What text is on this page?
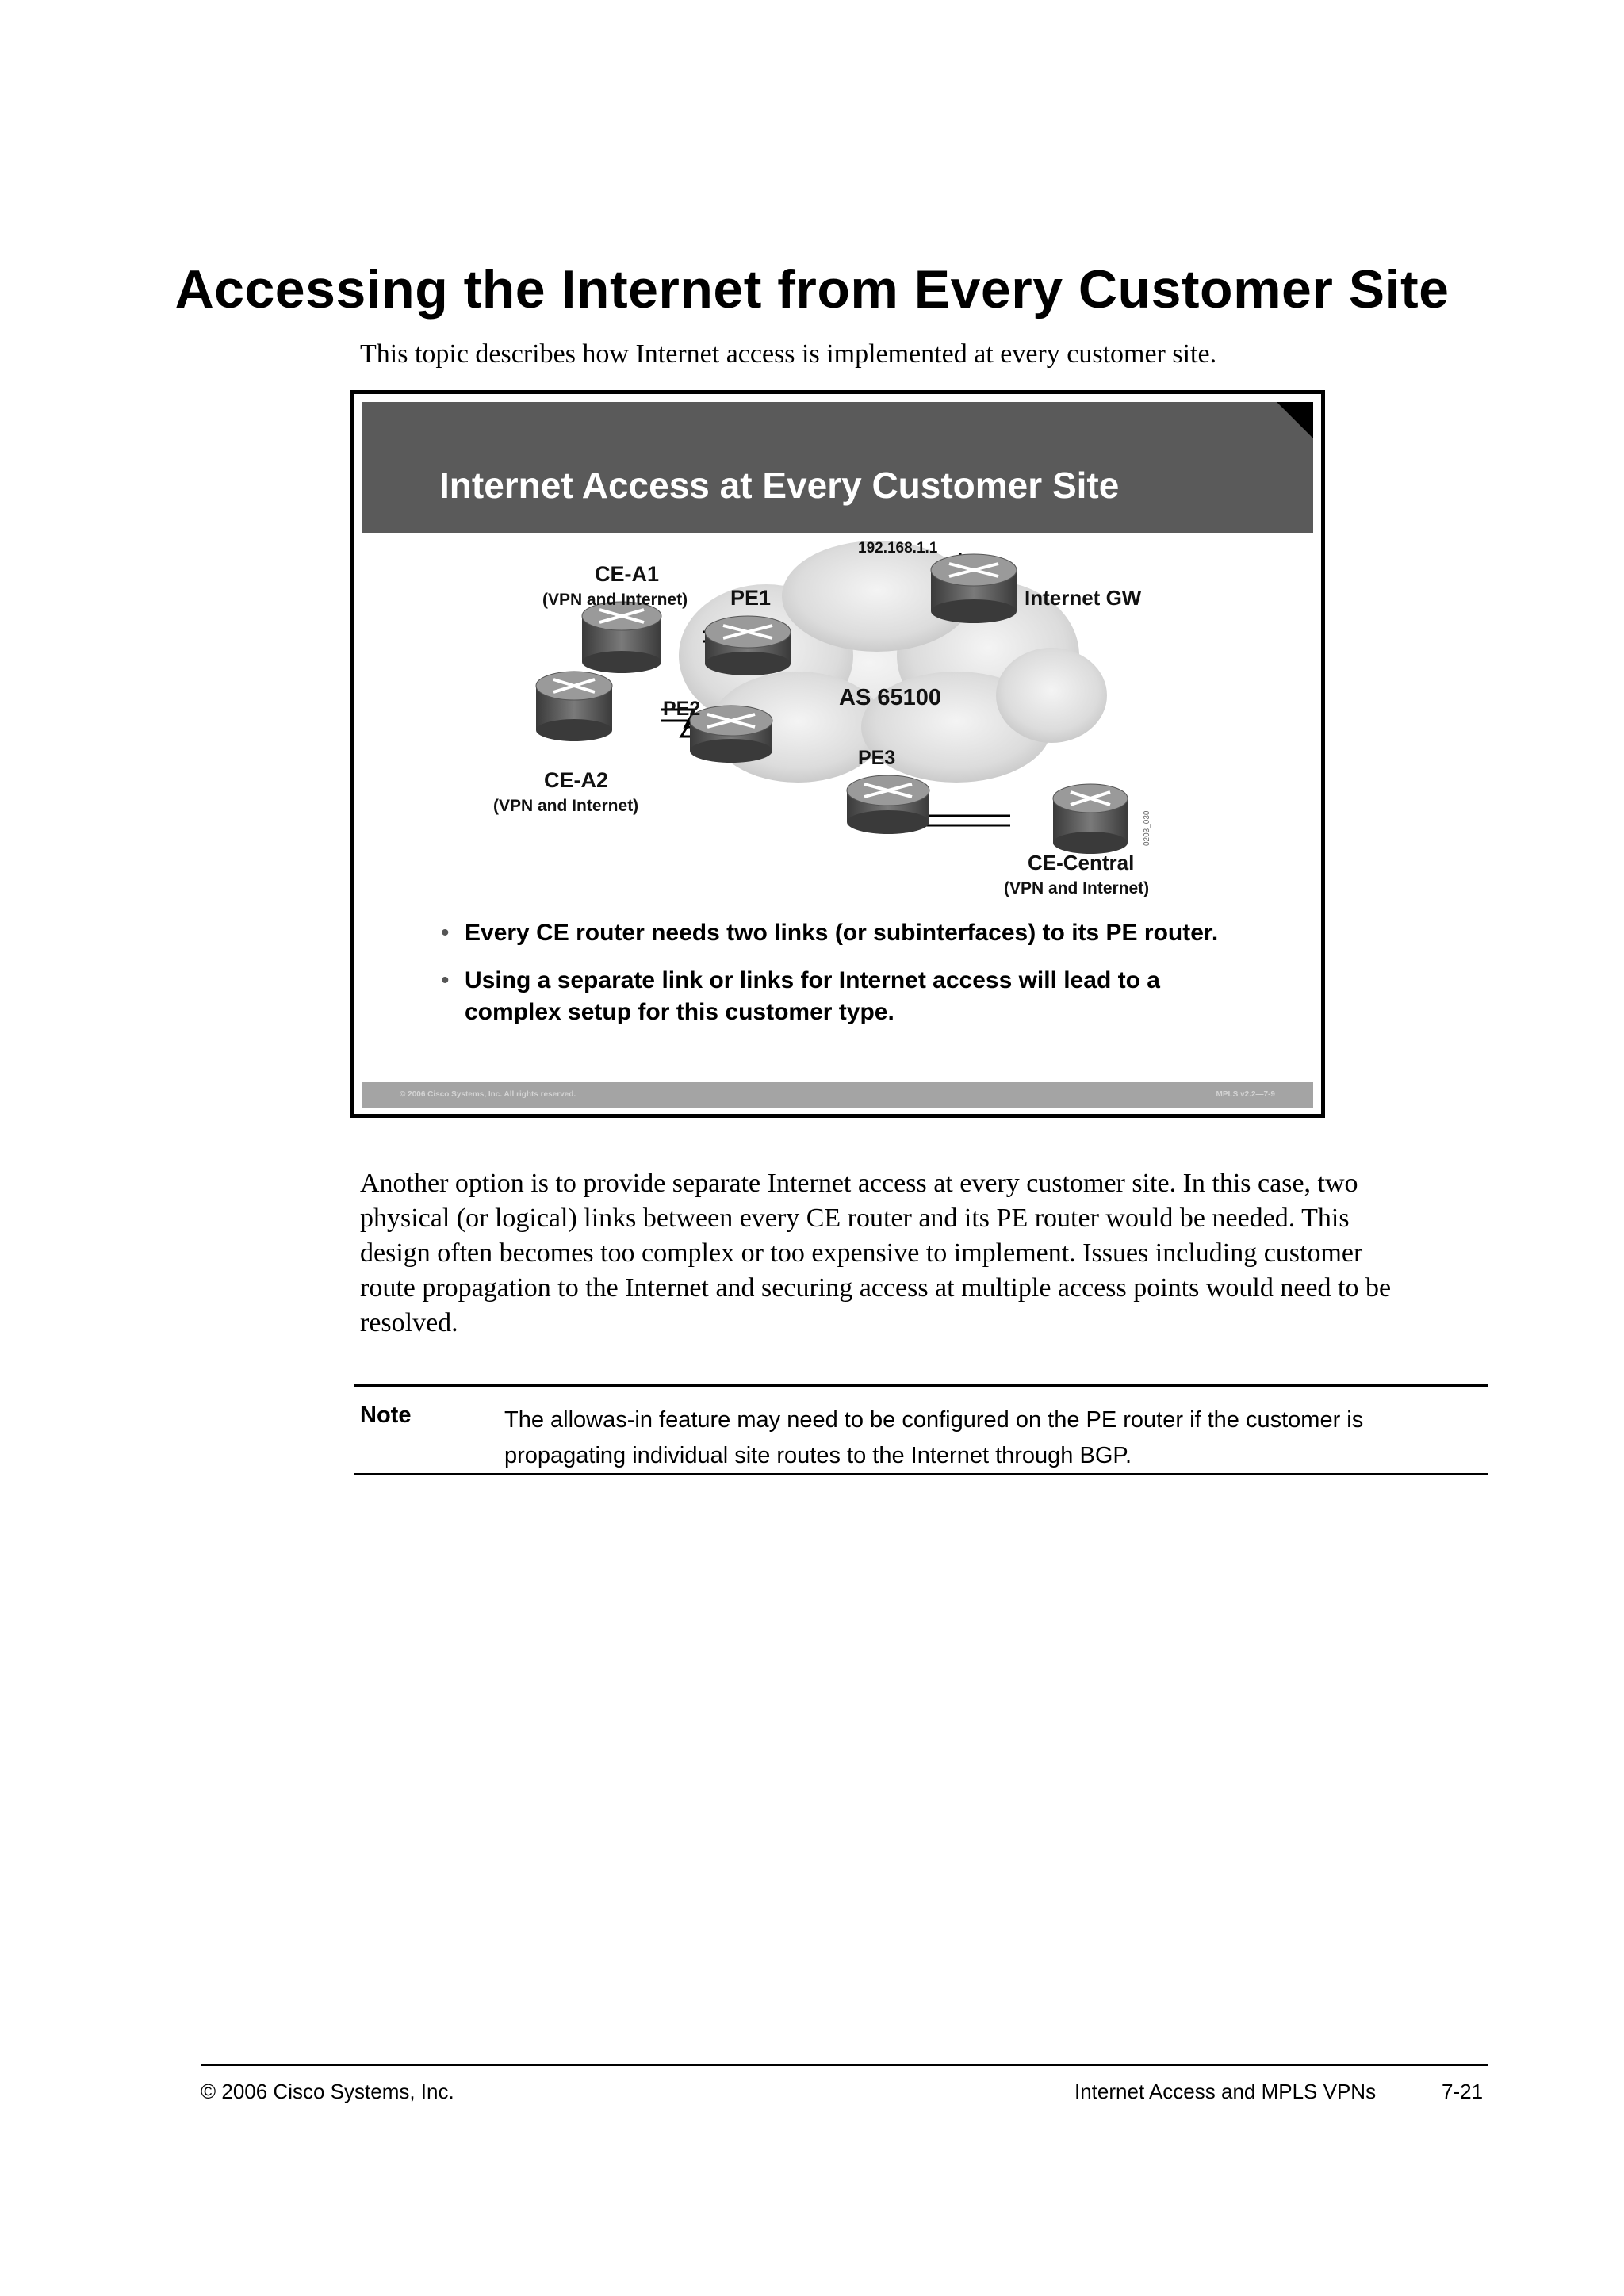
Accessing the Internet from Every Customer Site
This topic describes how Internet access is implemented at every customer site.
Internet Access at Every Customer Site
CE-A1
(VPN and Internet) PE1
192.168.1.1
Internet GW
AS 65100
PE2
PE3
CE-A2
(VPN and Internet)
CE-Central
(VPN and Internet)
0203_030
• Every CE router needs two links (or subinterfaces) to its PE router.
• Using a separate link or links for Internet access will lead to a complex setup for this customer type.
© 2006 Cisco Systems, Inc. All rights reserved.	MPLS v2.2—7-9
Another option is to provide separate Internet access at every customer site. In this case, two
physical (or logical) links between every CE router and its PE router would be needed. This
design often becomes too complex or too expensive to implement. Issues including customer
route propagation to the Internet and securing access at multiple access points would need to be
resolved.
Note	The allowas-in feature may need to be configured on the PE router if the customer is propagating individual site routes to the Internet through BGP.
© 2006 Cisco Systems, Inc.	Internet Access and MPLS VPNs	7-21
